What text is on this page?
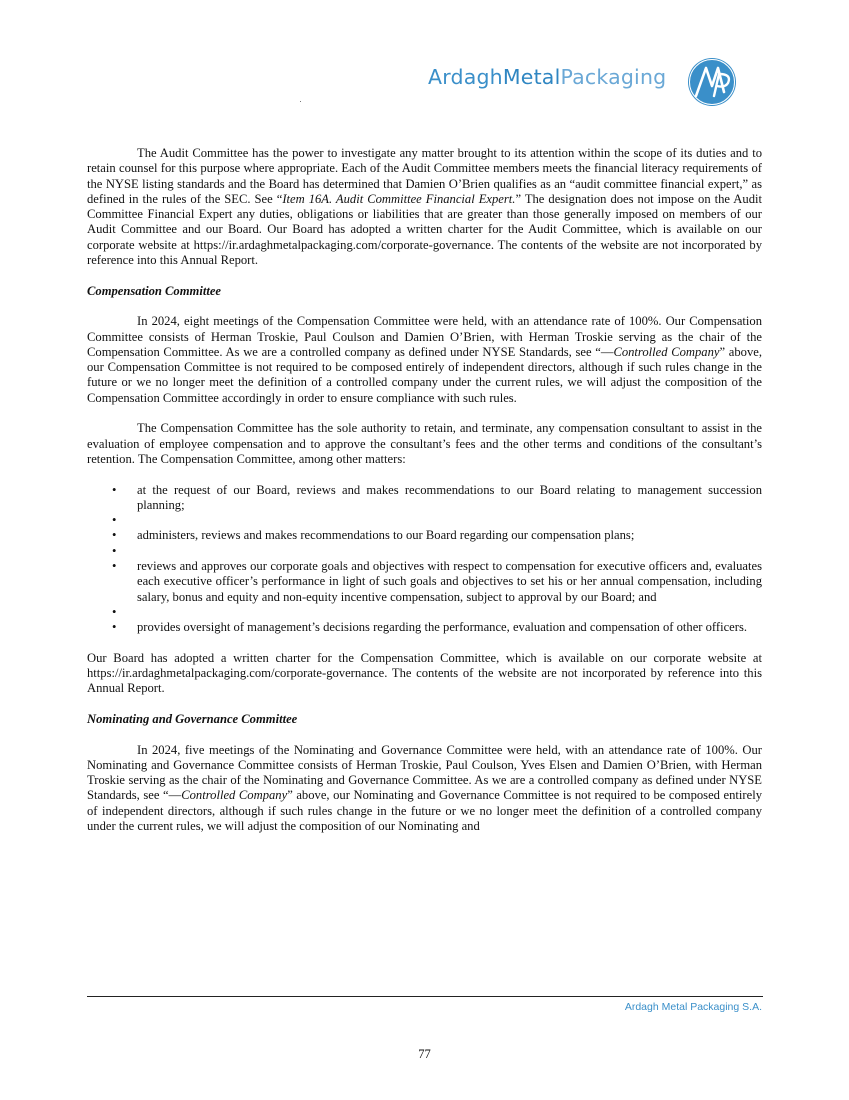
ArdaghMetalPackaging

The Audit Committee has the power to investigate any matter brought to its attention within the scope of its duties and to retain counsel for this purpose where appropriate. Each of the Audit Committee members meets the financial literacy requirements of the NYSE listing standards and the Board has determined that Damien O’Brien qualifies as an “audit committee financial expert,” as defined in the rules of the SEC. See “Item 16A. Audit Committee Financial Expert.” The designation does not impose on the Audit Committee Financial Expert any duties, obligations or liabilities that are greater than those generally imposed on members of our Audit Committee and our Board. Our Board has adopted a written charter for the Audit Committee, which is available on our corporate website at https://ir.ardaghmetalpackaging.com/corporate-governance. The contents of the website are not incorporated by reference into this Annual Report.

Compensation Committee

In 2024, eight meetings of the Compensation Committee were held, with an attendance rate of 100%. Our Compensation Committee consists of Herman Troskie, Paul Coulson and Damien O’Brien, with Herman Troskie serving as the chair of the Compensation Committee. As we are a controlled company as defined under NYSE Standards, see “—Controlled Company” above, our Compensation Committee is not required to be composed entirely of independent directors, although if such rules change in the future or we no longer meet the definition of a controlled company under the current rules, we will adjust the composition of the Compensation Committee accordingly in order to ensure compliance with such rules.

The Compensation Committee has the sole authority to retain, and terminate, any compensation consultant to assist in the evaluation of employee compensation and to approve the consultant’s fees and the other terms and conditions of the consultant’s retention. The Compensation Committee, among other matters:

• at the request of our Board, reviews and makes recommendations to our Board relating to management succession planning;
•
• administers, reviews and makes recommendations to our Board regarding our compensation plans;
•
• reviews and approves our corporate goals and objectives with respect to compensation for executive officers and, evaluates each executive officer’s performance in light of such goals and objectives to set his or her annual compensation, including salary, bonus and equity and non-equity incentive compensation, subject to approval by our Board; and
•
• provides oversight of management’s decisions regarding the performance, evaluation and compensation of other officers.

Our Board has adopted a written charter for the Compensation Committee, which is available on our corporate website at https://ir.ardaghmetalpackaging.com/corporate-governance. The contents of the website are not incorporated by reference into this Annual Report.

Nominating and Governance Committee

In 2024, five meetings of the Nominating and Governance Committee were held, with an attendance rate of 100%. Our Nominating and Governance Committee consists of Herman Troskie, Paul Coulson, Yves Elsen and Damien O’Brien, with Herman Troskie serving as the chair of the Nominating and Governance Committee. As we are a controlled company as defined under NYSE Standards, see “—Controlled Company” above, our Nominating and Governance Committee is not required to be composed entirely of independent directors, although if such rules change in the future or we no longer meet the definition of a controlled company under the current rules, we will adjust the composition of our Nominating and

Ardagh Metal Packaging S.A.
77
